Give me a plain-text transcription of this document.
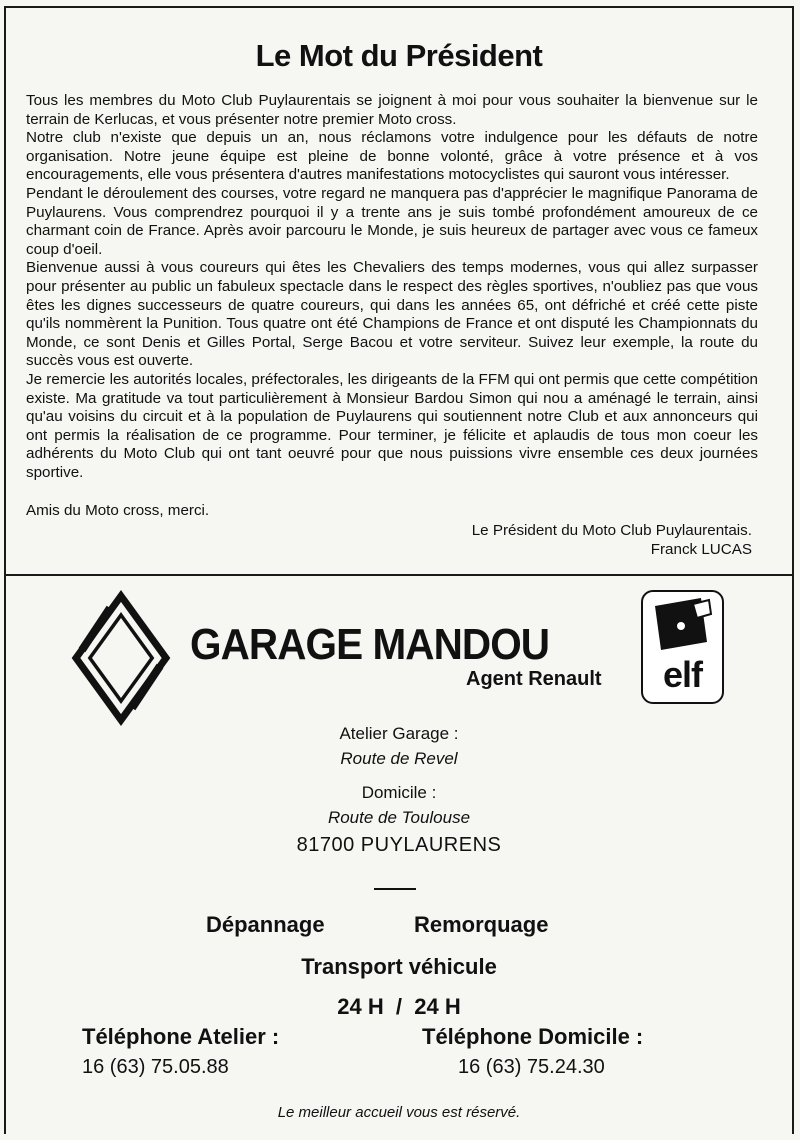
Le Mot du Président

Tous les membres du Moto Club Puylaurentais se joignent à moi pour vous souhaiter la bienvenue sur le terrain de Kerlucas, et vous présenter notre premier Moto cross.

Notre club n'existe que depuis un an, nous réclamons votre indulgence pour les défauts de notre organisation. Notre jeune équipe est pleine de bonne volonté, grâce à votre présence et à vos encouragements, elle vous présentera d'autres manifestations motocyclistes qui sauront vous intéresser.

Pendant le déroulement des courses, votre regard ne manquera pas d'apprécier le magnifique Panorama de Puylaurens. Vous comprendrez pourquoi il y a trente ans je suis tombé profondément amoureux de ce charmant coin de France. Après avoir parcouru le Monde, je suis heureux de partager avec vous ce fameux coup d'oeil.

Bienvenue aussi à vous coureurs qui êtes les Chevaliers des temps modernes, vous qui allez surpasser pour présenter au public un fabuleux spectacle dans le respect des règles sportives, n'oubliez pas que vous êtes les dignes successeurs de quatre coureurs, qui dans les années 65, ont défriché et créé cette piste qu'ils nommèrent la Punition. Tous quatre ont été Champions de France et ont disputé les Championnats du Monde, ce sont Denis et Gilles Portal, Serge Bacou et votre serviteur. Suivez leur exemple, la route du succès vous est ouverte.

Je remercie les autorités locales, préfectorales, les dirigeants de la FFM qui ont permis que cette compétition existe. Ma gratitude va tout particulièrement à Monsieur Bardou Simon qui nou a aménagé le terrain, ainsi qu'au voisins du circuit et à la population de Puylaurens qui soutiennent notre Club et aux annonceurs qui ont permis la réalisation de ce programme. Pour terminer, je félicite et aplaudis de tous mon coeur les adhérents du Moto Club qui ont tant oeuvré pour que nous puissions vivre ensemble ces deux journées sportive.

Amis du Moto cross, merci.
Le Président du Moto Club Puylaurentais.
Franck LUCAS
GARAGE MANDOU
Agent Renault	elf
Atelier Garage :
Route de Revel
Domicile :
Route de Toulouse
81700 PUYLAURENS
Dépannage	Remorquage
Transport véhicule
24 H  /  24 H
Téléphone Atelier :
16 (63) 75.05.88
Téléphone Domicile :
16 (63) 75.24.30
Le meilleur accueil vous est réservé.
